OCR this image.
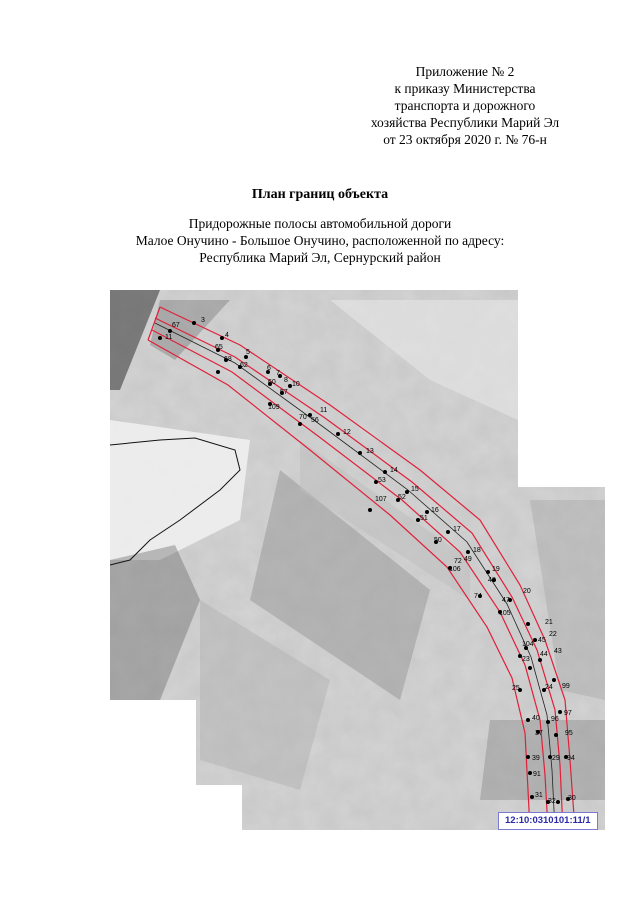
Приложение № 2
к приказу Министерства
транспорта и дорожного
хозяйства Республики Марий Эл
от 23 октября 2020 г. № 76-н
План границ объекта
Придорожные полосы автомобильной дороги
Малое Онучино - Большое Онучино, расположенной по адресу:
Республика Марий Эл, Сернурский район
3
67
11	4
65
5
68
62	6
7
60
57
8
10
109
70 56
11
12
13
14
53
15
107 52
16
51
17
50
18
72 49
19
106
48
74
20
47
105
21
22
45
104
44
23
43
24 99
25
97
40 96
37	95
39 29 94
91
31
32 30
12:10:0310101:11/1
